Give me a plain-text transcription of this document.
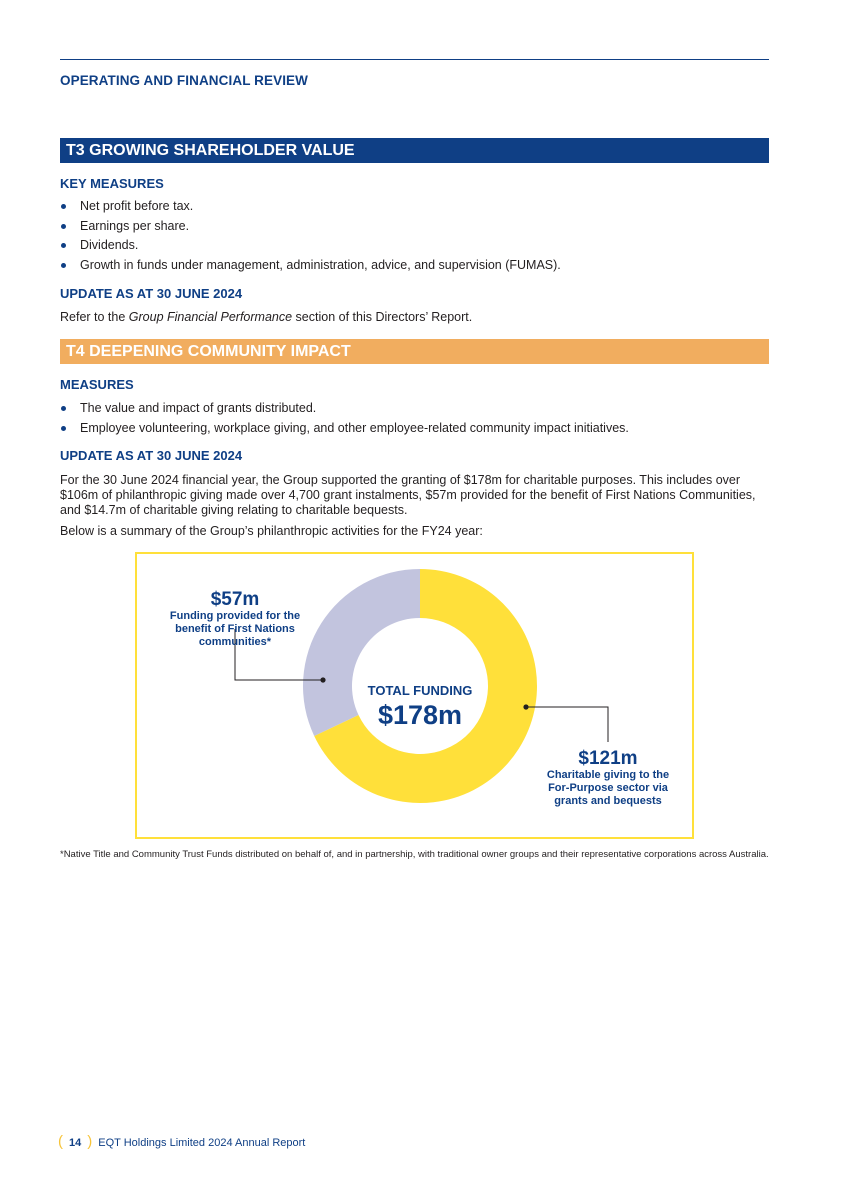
OPERATING AND FINANCIAL REVIEW
T3 GROWING SHAREHOLDER VALUE
KEY MEASURES
Net profit before tax.
Earnings per share.
Dividends.
Growth in funds under management, administration, advice, and supervision (FUMAS).
UPDATE AS AT 30 JUNE 2024
Refer to the Group Financial Performance section of this Directors’ Report.
T4 DEEPENING COMMUNITY IMPACT
MEASURES
The value and impact of grants distributed.
Employee volunteering, workplace giving, and other employee-related community impact initiatives.
UPDATE AS AT 30 JUNE 2024
For the 30 June 2024 financial year, the Group supported the granting of $178m for charitable purposes. This includes over $106m of philanthropic giving made over 4,700 grant instalments, $57m provided for the benefit of First Nations Communities, and $14.7m of charitable giving relating to charitable bequests.
Below is a summary of the Group’s philanthropic activities for the FY24 year:
$57m
Funding provided for the
benefit of First Nations
communities*
$121m
Charitable giving to the
For-Purpose sector via
grants and bequests
TOTAL FUNDING
$178m
*Native Title and Community Trust Funds distributed on behalf of, and in partnership, with traditional owner groups and their representative corporations across Australia.
( 14 ) EQT Holdings Limited 2024 Annual Report
